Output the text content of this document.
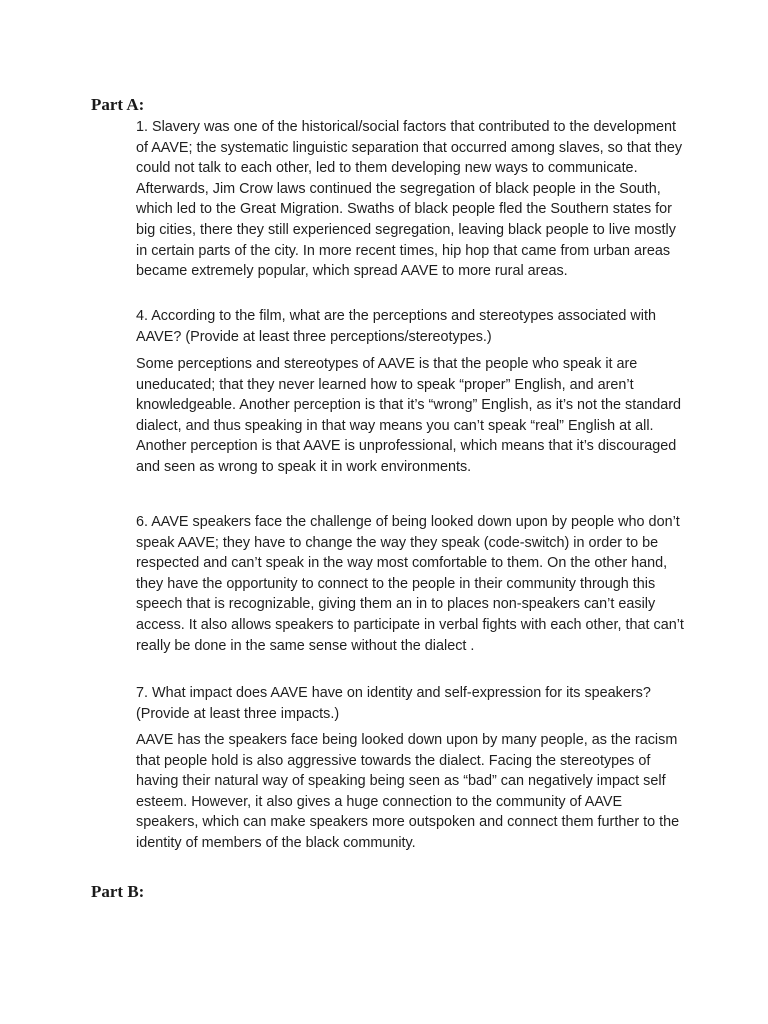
Part A:

1. Slavery was one of the historical/social factors that contributed to the development of AAVE; the systematic linguistic separation that occurred among slaves, so that they could not talk to each other, led to them developing new ways to communicate. Afterwards, Jim Crow laws continued the segregation of black people in the South, which led to the Great Migration. Swaths of black people fled the Southern states for big cities, there they still experienced segregation, leaving black people to live mostly in certain parts of the city. In more recent times, hip hop that came from urban areas became extremely popular, which spread AAVE to more rural areas.

4. According to the film, what are the perceptions and stereotypes associated with AAVE? (Provide at least three perceptions/stereotypes.)

Some perceptions and stereotypes of AAVE is that the people who speak it are uneducated; that they never learned how to speak “proper” English, and aren’t knowledgeable. Another perception is that it’s “wrong” English, as it’s not the standard dialect, and thus speaking in that way means you can’t speak “real” English at all. Another perception is that AAVE is unprofessional, which means that it’s discouraged and seen as wrong to speak it in work environments.

6. AAVE speakers face the challenge of being looked down upon by people who don’t speak AAVE; they have to change the way they speak (code-switch) in order to be respected and can’t speak in the way most comfortable to them. On the other hand, they have the opportunity to connect to the people in their community through this speech that is recognizable, giving them an in to places non-speakers can’t easily access. It also allows speakers to participate in verbal fights with each other, that can’t really be done in the same sense without the dialect .

7. What impact does AAVE have on identity and self-expression for its speakers? (Provide at least three impacts.)

AAVE has the speakers face being looked down upon by many people, as the racism that people hold is also aggressive towards the dialect. Facing the stereotypes of having their natural way of speaking being seen as “bad” can negatively impact self esteem. However, it also gives a huge connection to the community of AAVE speakers, which can make speakers more outspoken and connect them further to the identity of members of the black community.

Part B:
